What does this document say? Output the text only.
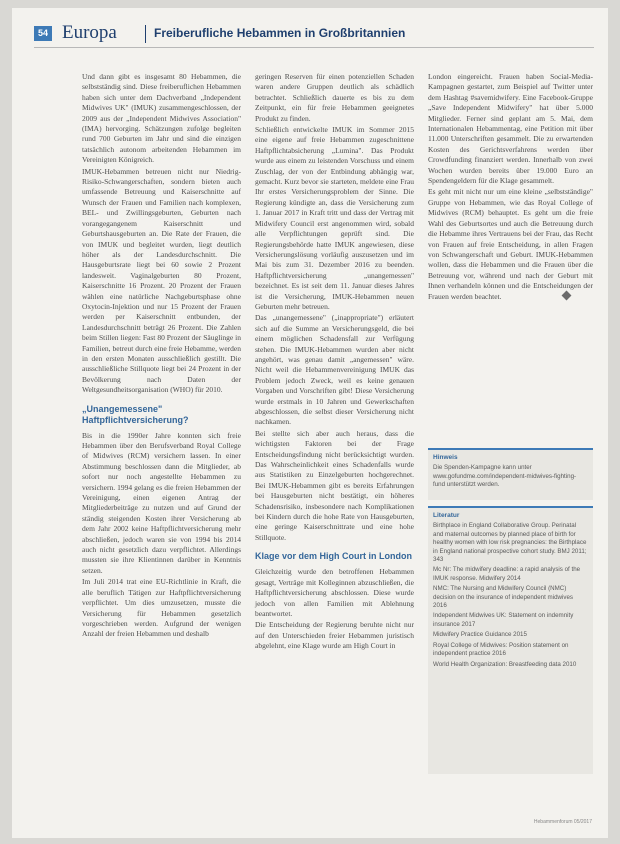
54 Europa	Freiberufliche Hebammen in Großbritannien

Und dann gibt es insgesamt 80 Hebammen, die selbstständig sind. Diese freiberuflichen Hebammen haben sich unter dem Dachverband „Independent Midwives UK" (IMUK) zusammengeschlossen, der 2009 aus der „Independent Midwives Association" (IMA) hervorging. Schätzungen zufolge begleiten rund 700 Geburten im Jahr und sind die einzigen tatsächlich autonom arbeitenden Hebammen im Vereinigten Königreich.

IMUK-Hebammen betreuen nicht nur Niedrig-Risiko-Schwangerschaften, sondern bieten auch umfassende Betreuung und Kaiserschnitte auf Wunsch der Frauen und Familien nach komplexen, BEL- und Zwillingsgeburten, Geburten nach vorangegangenem Kaiserschnitt und Geburtshausgeburten an. Die Rate der Frauen, die von IMUK und begleitet wurden, liegt deutlich höher als der Landesdurchschnitt. Die Hausgeburtsrate liegt bei 60 sowie 2 Prozent landesweit. Vaginalgeburten 80 Prozent, Kaiserschnitte 16 Prozent. 20 Prozent der Frauen wählen eine natürliche Nachgeburtsphase ohne Oxytocin-Injektion und nur 15 Prozent der Frauen werden per Kaiserschnitt entbunden, der Landesdurchschnitt beträgt 26 Prozent. Die Zahlen beim Stillen liegen: Fast 80 Prozent der Säuglinge in Familien, betreut durch eine freie Hebamme, werden in den ersten Monaten ausschließlich gestillt. Die ausschließliche Stillquote liegt bei 24 Prozent in der Bevölkerung nach Daten der Weltgesundheitsorganisation (WHO) für 2010.

„Unangemessene" Haftpflichtversicherung?

Bis in die 1990er Jahre konnten sich freie Hebammen über den Berufsverband Royal College of Midwives (RCM) versichern lassen. In einer Abstimmung beschlossen dann die Mitglieder, ab sofort nur noch angestellte Hebammen zu versichern. 1994 gelang es die freien Hebammen der Vereinigung, einen eigenen Antrag der Mitgliederbeiträge zu nutzen und auf Grund der ständig steigenden Kosten ihrer Versicherung ab dem Jahr 2002 keine Haftpflichtversicherung mehr abschließen, jedoch waren sie von 1994 bis 2014 auch nicht gesetzlich dazu verpflichtet. Allerdings mussten sie ihre Klientinnen darüber in Kenntnis setzen.

Im Juli 2014 trat eine EU-Richtlinie in Kraft, die alle beruflich Tätigen zur Haftpflichtversicherung verpflichtet. Um dies umzusetzen, musste die Versicherung für Hebammen gesetzlich vorgeschrieben werden. Aufgrund der wenigen Anzahl der freien Hebammen und deshalb

geringen Reserven für einen potenziellen Schaden waren andere Gruppen deutlich als schädlich betrachtet. Schließlich dauerte es bis zu dem Zeitpunkt, ein für freie Hebammen geeignetes Produkt zu finden.

Schließlich entwickelte IMUK im Sommer 2015 eine eigene auf freie Hebammen zugeschnittene Haftpflichtabsicherung „Lumina". Das Produkt wurde aus einem zu leistenden Vorschuss und einem Zuschlag, der von der Entbindung abhängig war, gemacht. Kurz bevor sie starteten, meldete eine Frau Ihr erstes Versicherungsproblem der Sinne. Die Regierung kündigte an, dass die Versicherung zum 1. Januar 2017 in Kraft tritt und dass der Vertrag mit Midwifery Council erst angenommen wird, sobald alle Verpflichtungen geprüft sind. Die Regierungsbehörde hatte IMUK angewiesen, diese Versicherungslösung vorläufig auszusetzen und im Mai bis zum 31. Dezember 2016 zu beenden. Haftpflichtversicherung „unangemessen" bezeichnet. Es ist seit dem 11. Januar dieses Jahres ist die Versicherung, IMUK-Hebammen neuen Geburten mehr betreuen.

Das „unangemessene" („inappropriate") erläutert sich auf die Summe an Versicherungsgeld, die bei einem möglichen Schadensfall zur Verfügung stehen. Die IMUK-Hebammen wurden aber nicht angehört, was genau damit „angemessen" wäre. Nicht weil die Hebammenvereinigung IMUK das Problem jedoch Zweck, weil es keine genauen Vorgaben und Vorschriften gibt! Diese Versicherung wurde erstmals in 10 Jahren und Gewerkschaften abgeschlossen, die selbst dieser Versicherung nicht nachkamen.

Bei stellte sich aber auch heraus, dass die wichtigsten Faktoren bei der Frage Entscheidungsfindung nicht berücksichtigt wurden. Das Wahrscheinlichkeit eines Schadenfalls wurde aus Statistiken zu Einzelgeburten hochgerechnet. Bei IMUK-Hebammen gibt es bereits Erfahrungen bei Hausgeburten nicht bestätigt, ein höheres Schadensrisiko, insbesondere nach Komplikationen bei Kindern durch die hohe Rate von Hausgeburten, eine geringe Kaiserschnittrate und eine hohe Stillquote.

Klage vor dem High Court in London

Gleichzeitig wurde den betroffenen Hebammen gesagt, Verträge mit Kolleginnen abzuschließen, die Haftpflichtversicherung abschlossen. Diese wurde jedoch von allen Familien mit Ablehnung beantwortet.

Die Entscheidung der Regierung beruhte nicht nur auf den Unterschieden freier Hebammen juristisch abgelehnt, eine Klage wurde am High Court in

London eingereicht. Frauen haben Social-Media-Kampagnen gestartet, zum Beispiel auf Twitter unter dem Hashtag #savemidwifery. Eine Facebook-Gruppe „Save Independent Midwifery" hat über 5.000 Mitglieder. Ferner sind geplant am 5. Mai, dem Internationalen Hebammentag, eine Petition mit über 11.000 Unterschriften gesammelt. Die zu erwartenden Kosten des Gerichtsverfahrens werden über Crowdfunding finanziert werden. Innerhalb von zwei Wochen wurden bereits über 19.000 Euro an Spendengeldern für die Klage gesammelt.

Es geht mit nicht nur um eine kleine „selbstständige" Gruppe von Hebammen, wie das Royal College of Midwives (RCM) behauptet. Es geht um die freie Wahl des Geburtsortes und auch die Betreuung durch die Hebamme ihres Vertrauens bei der Frau, das Recht von Frauen auf freie Entscheidung, in allen Fragen von Schwangerschaft und Geburt. IMUK-Hebammen wollen, dass die Hebammen und die Frauen über die Betreuung vor, während und nach der Geburt mit Ihnen verhandeln können und die Entscheidungen der Frauen werden beachtet.

Hinweis
Die Spenden-Kampagne kann unter www.gofundme.com/independent-midwives-fighting-fund unterstützt werden.
Literatur
Birthplace in England Collaborative Group. Perinatal and maternal outcomes by planned place of birth for healthy women with low risk pregnancies: the Birthplace in England national prospective cohort study. BMJ 2011; 343
Mc Nr: The midwifery deadline: a rapid analysis of the IMUK response. Midwifery 2014
NMC: The Nursing and Midwifery Council (NMC) decision on the insurance of independent midwives 2016
Independent Midwives UK: Statement on indemnity insurance 2017
Midwifery Practice Guidance 2015
Royal College of Midwives: Position statement on independent practice 2016
World Health Organization: Breastfeeding data 2010
Hebammenforum 05/2017
